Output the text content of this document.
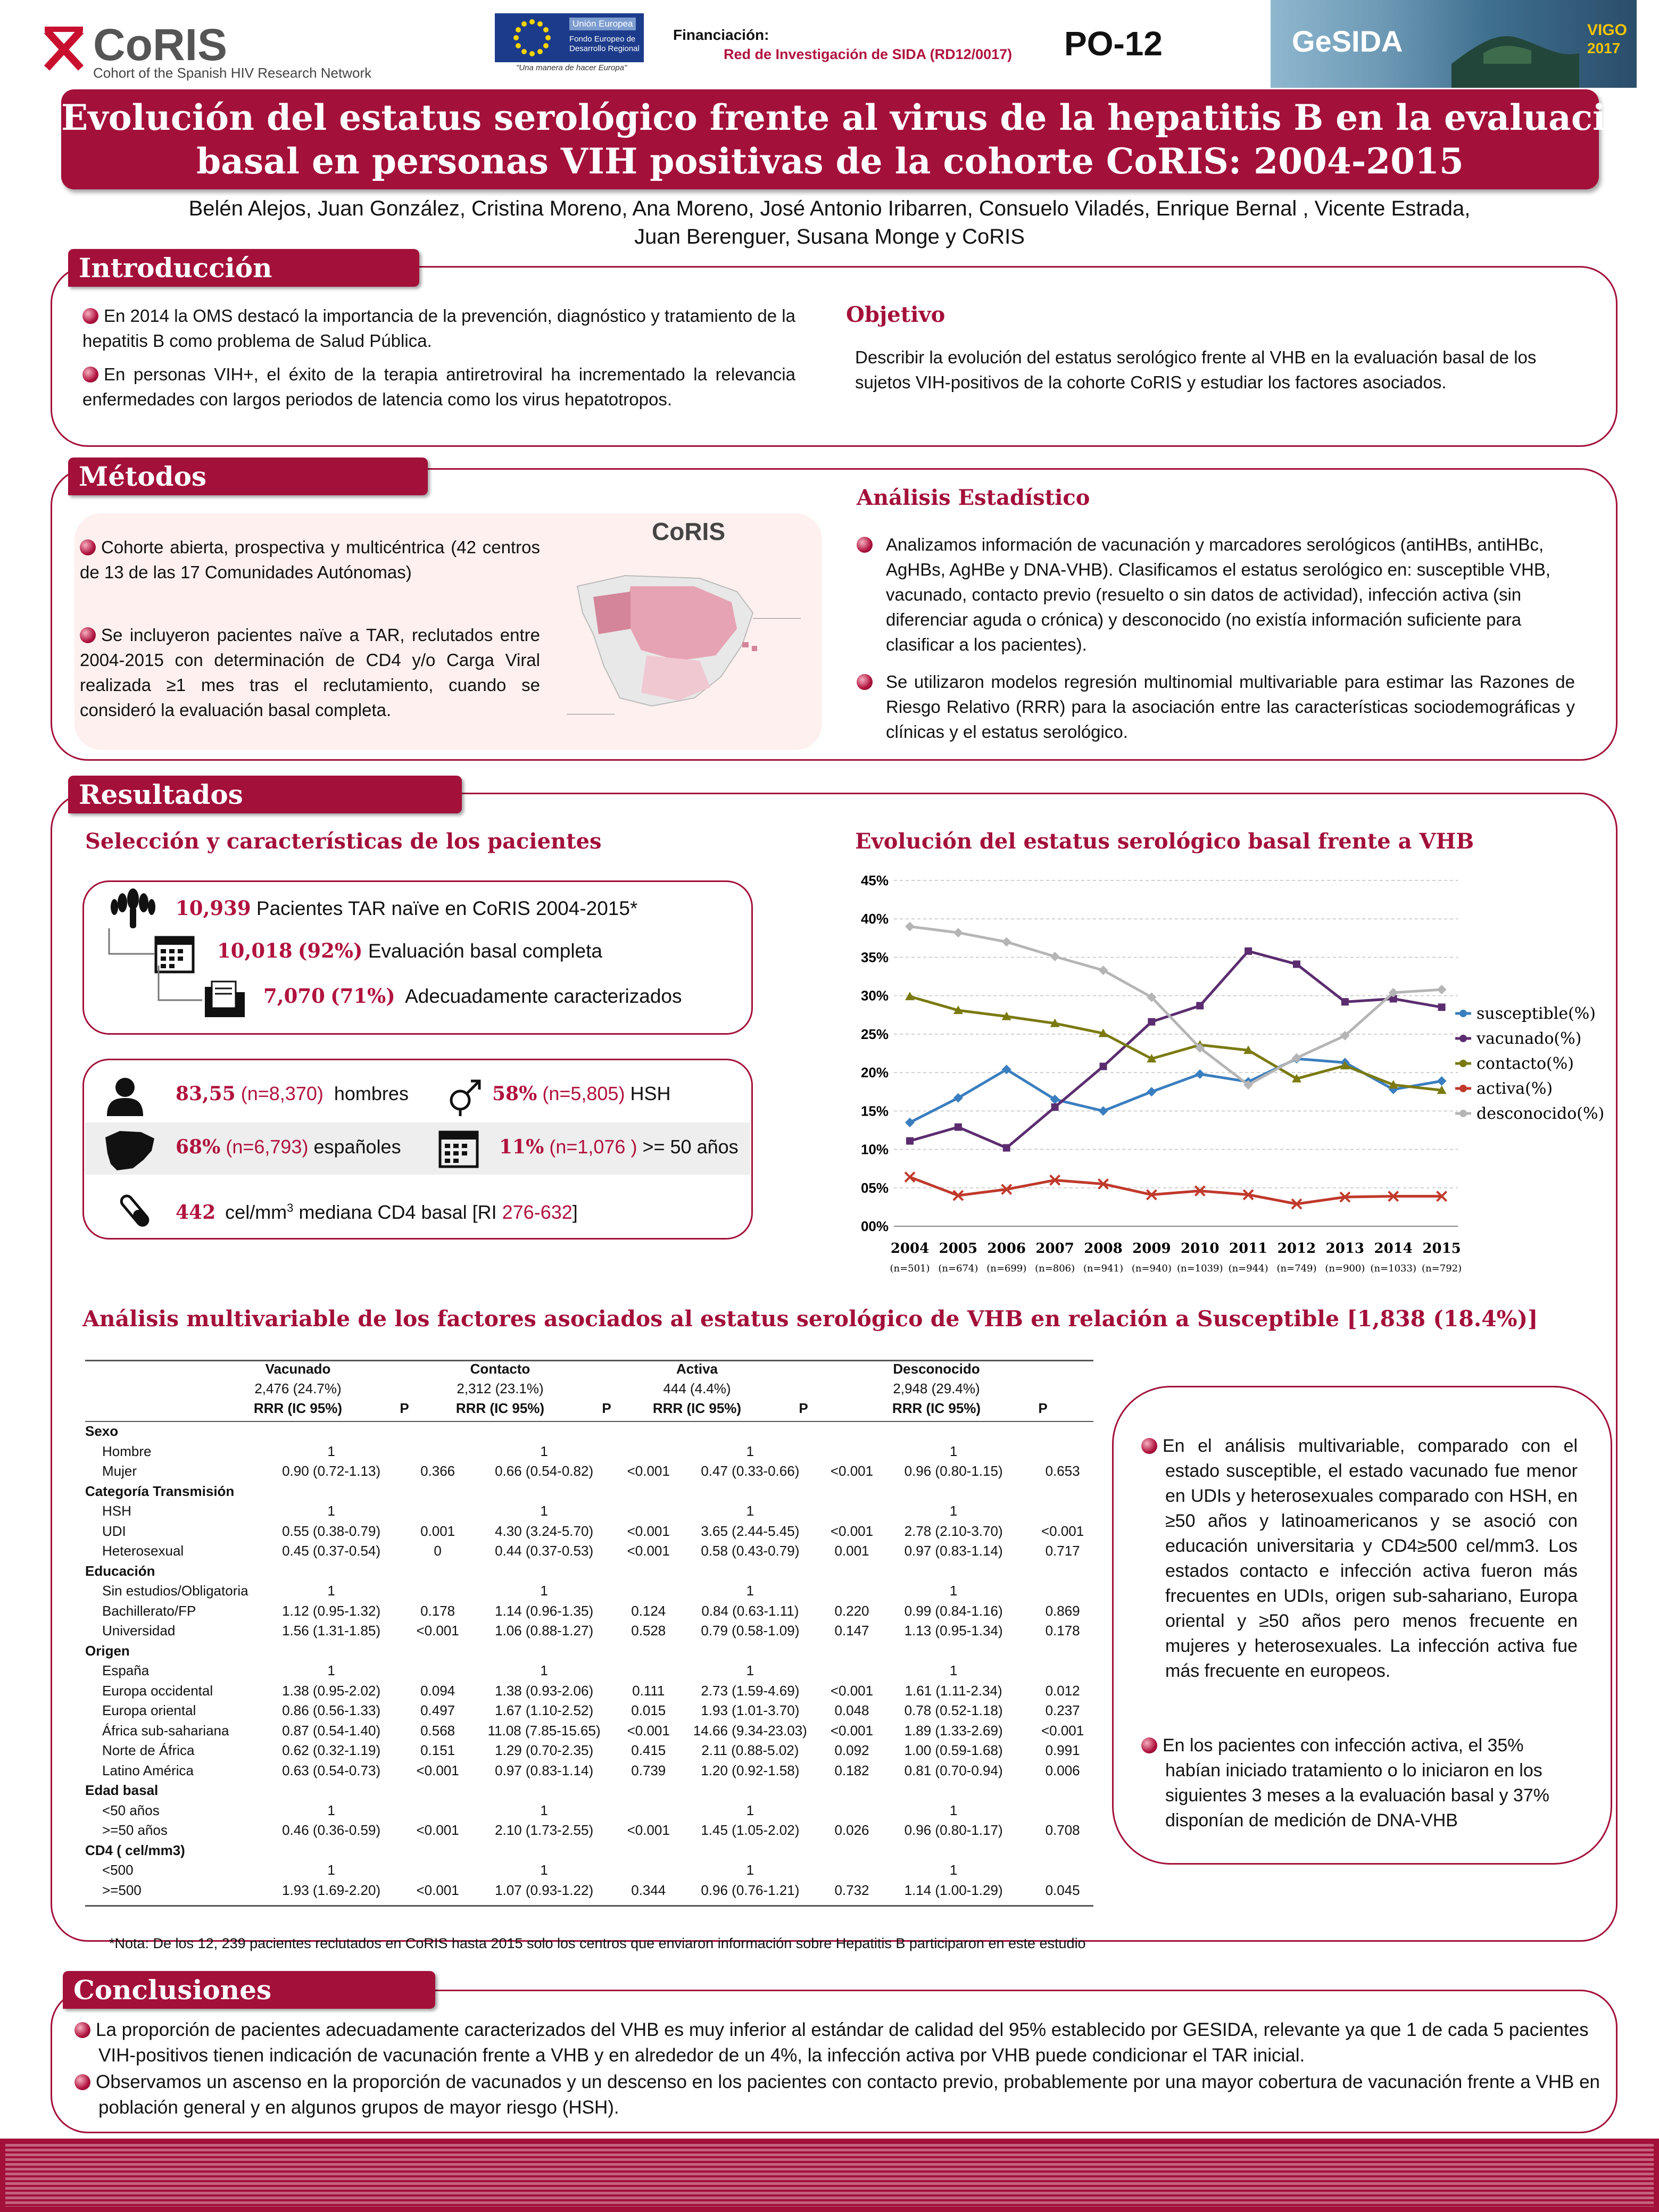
CoRIS
Cohort of the Spanish HIV Research Network
Unión Europea
Fondo Europeo de Desarrollo Regional
"Una manera de hacer Europa"
Financiación:
Red de Investigación de SIDA (RD12/0017) PO-12	GeSIDA	VIGO
2017
Evolución del estatus serológico frente al virus de la hepatitis B en la evaluación
basal en personas VIH positivas de la cohorte CoRIS: 2004-2015
Belén Alejos, Juan González, Cristina Moreno, Ana Moreno, José Antonio Iribarren, Consuelo Viladés, Enrique Bernal , Vicente Estrada,
Juan Berenguer, Susana Monge y CoRIS
Introducción
En 2014 la OMS destacó la importancia de la prevención, diagnóstico y tratamiento de la hepatitis B como problema de Salud Pública.
En personas VIH+, el éxito de la terapia antiretroviral ha incrementado la relevancia enfermedades con largos periodos de latencia como los virus hepatotropos.
Objetivo
Describir la evolución del estatus serológico frente al VHB en la evaluación basal de los sujetos VIH-positivos de la cohorte CoRIS y estudiar los factores asociados.
Métodos
Cohorte abierta, prospectiva y multicéntrica (42 centros de 13 de las 17 Comunidades Autónomas)
Se incluyeron pacientes naïve a TAR, reclutados entre 2004-2015 con determinación de CD4 y/o Carga Viral realizada ≥1 mes tras el reclutamiento, cuando se consideró la evaluación basal completa.
CoRIS
Análisis Estadístico
Analizamos información de vacunación y marcadores serológicos (antiHBs, antiHBc, AgHBs, AgHBe y DNA-VHB). Clasificamos el estatus serológico en: susceptible VHB, vacunado, contacto previo (resuelto o sin datos de actividad), infección activa (sin diferenciar aguda o crónica) y desconocido (no existía información suficiente para clasificar a los pacientes).
Se utilizaron modelos regresión multinomial multivariable para estimar las Razones de Riesgo Relativo (RRR) para la asociación entre las características sociodemográficas y clínicas y el estatus serológico.
Resultados
Selección y características de los pacientes
10,939 Pacientes TAR naïve en CoRIS 2004-2015*
10,018 (92%) Evaluación basal completa
7,070 (71%) Adecuadamente caracterizados
83,55 (n=8,370) hombres	58% (n=5,805) HSH
68% (n=6,793) españoles	11% (n=1,076 ) >= 50 años
442 cel/$mm^3$ mediana CD4 basal [RI 276-632]
Evolución del estatus serológico basal frente a VHB
00%
05%
10%
15%
20%
25%
30%
35%
40%
45%
2004
(n=501)
2005
(n=674)
2006
(n=699)
2007
(n=806)
2008
(n=941)
2009
(n=940)
2010
(n=1039)
2011
(n=944)
2012
(n=749)
2013
(n=900)
2014
(n=1033)
2015
(n=792)
susceptible(%)
vacunado(%)
contacto(%)
activa(%)
desconocido(%)
Análisis multivariable de los factores asociados al estatus serológico de VHB en relación a Susceptible [1,838 (18.4%)]
Vacunado
2,476 (24.7%)
RRR (IC 95%)	P
Contacto
2,312 (23.1%)
RRR (IC 95%)	P
Activa
444 (4.4%)
RRR (IC 95%)	P
Desconocido
2,948 (29.4%)
RRR (IC 95%)	P
Sexo								
Hombre	1		1		1		1	
Mujer	0.90 (0.72-1.13)	0.366	0.66 (0.54-0.82)	<0.001	0.47 (0.33-0.66)	<0.001	0.96 (0.80-1.15)	0.653
Categoría Transmisión								
HSH	1		1		1		1	
UDI	0.55 (0.38-0.79)	0.001	4.30 (3.24-5.70)	<0.001	3.65 (2.44-5.45)	<0.001	2.78 (2.10-3.70)	<0.001
Heterosexual	0.45 (0.37-0.54)	0	0.44 (0.37-0.53)	<0.001	0.58 (0.43-0.79)	0.001	0.97 (0.83-1.14)	0.717
Educación								
Sin estudios/Obligatoria	1		1		1		1	
Bachillerato/FP	1.12 (0.95-1.32)	0.178	1.14 (0.96-1.35)	0.124	0.84 (0.63-1.11)	0.220	0.99 (0.84-1.16)	0.869
Universidad	1.56 (1.31-1.85)	<0.001	1.06 (0.88-1.27)	0.528	0.79 (0.58-1.09)	0.147	1.13 (0.95-1.34)	0.178
Origen								
España	1		1		1		1	
Europa occidental	1.38 (0.95-2.02)	0.094	1.38 (0.93-2.06)	0.111	2.73 (1.59-4.69)	<0.001	1.61 (1.11-2.34)	0.012
Europa oriental	0.86 (0.56-1.33)	0.497	1.67 (1.10-2.52)	0.015	1.93 (1.01-3.70)	0.048	0.78 (0.52-1.18)	0.237
África sub-sahariana	0.87 (0.54-1.40)	0.568	11.08 (7.85-15.65)	<0.001	14.66 (9.34-23.03)	<0.001	1.89 (1.33-2.69)	<0.001
Norte de África	0.62 (0.32-1.19)	0.151	1.29 (0.70-2.35)	0.415	2.11 (0.88-5.02)	0.092	1.00 (0.59-1.68)	0.991
Latino América	0.63 (0.54-0.73)	<0.001	0.97 (0.83-1.14)	0.739	1.20 (0.92-1.58)	0.182	0.81 (0.70-0.94)	0.006
Edad basal								
<50 años	1		1		1		1	
>=50 años	0.46 (0.36-0.59)	<0.001	2.10 (1.73-2.55)	<0.001	1.45 (1.05-2.02)	0.026	0.96 (0.80-1.17)	0.708
CD4 ( cel/mm3)								
<500	1		1		1		1	
>=500	1.93 (1.69-2.20)	<0.001	1.07 (0.93-1.22)	0.344	0.96 (0.76-1.21)	0.732	1.14 (1.00-1.29)	0.045
*Nota: De los 12, 239 pacientes reclutados en CoRIS hasta 2015 solo los centros que enviaron información sobre Hepatitis B participaron en este estudio
En el análisis multivariable, comparado con el estado susceptible, el estado vacunado fue menor en UDIs y heterosexuales comparado con HSH, en ≥50 años y latinoamericanos y se asoció con educación universitaria y CD4≥500 cel/mm3. Los estados contacto e infección activa fueron más frecuentes en UDIs, origen sub-sahariano, Europa oriental y ≥50 años pero menos frecuente en mujeres y heterosexuales. La infección activa fue más frecuente en europeos.
En los pacientes con infección activa, el 35% habían iniciado tratamiento o lo iniciaron en los siguientes 3 meses a la evaluación basal y 37% disponían de medición de DNA-VHB
Conclusiones
La proporción de pacientes adecuadamente caracterizados del VHB es muy inferior al estándar de calidad del 95% establecido por GESIDA, relevante ya que 1 de cada 5 pacientes VIH-positivos tienen indicación de vacunación frente a VHB y en alrededor de un 4%, la infección activa por VHB puede condicionar el TAR inicial.
Observamos un ascenso en la proporción de vacunados y un descenso en los pacientes con contacto previo, probablemente por una mayor cobertura de vacunación frente a VHB en población general y en algunos grupos de mayor riesgo (HSH).
